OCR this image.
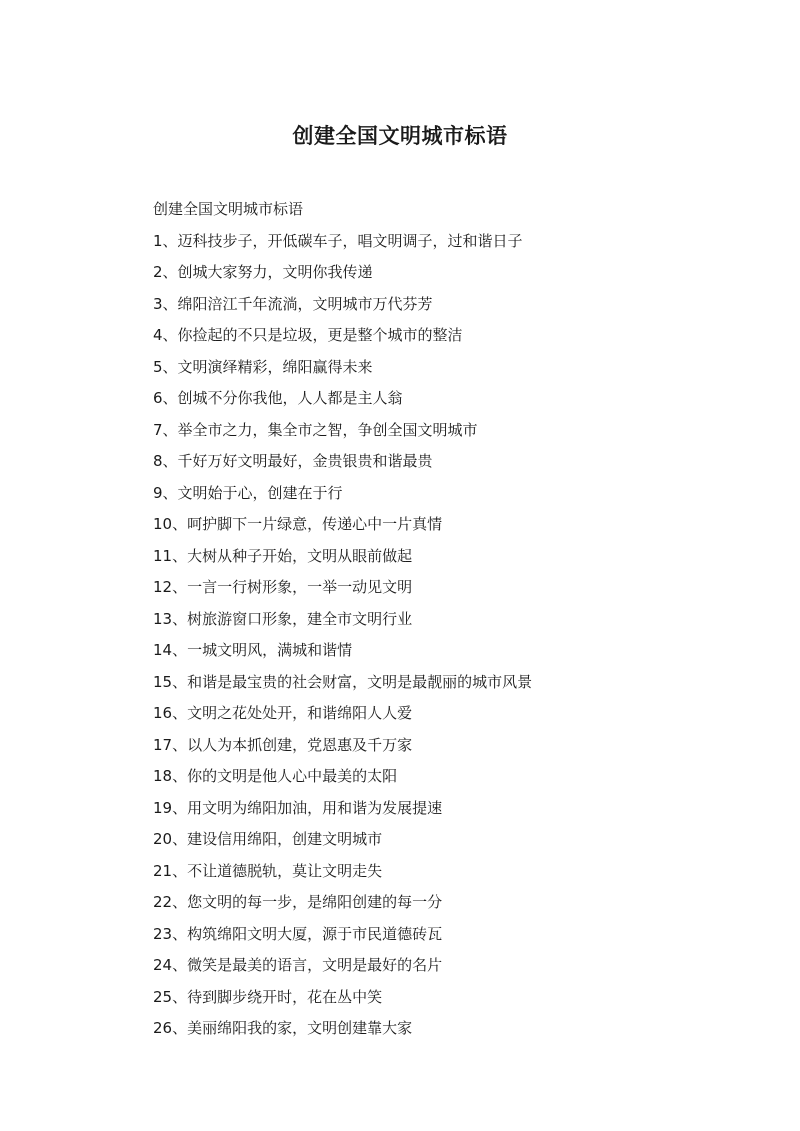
创建全国文明城市标语
创建全国文明城市标语
1、迈科技步子，开低碳车子，唱文明调子，过和谐日子
2、创城大家努力，文明你我传递
3、绵阳涪江千年流淌，文明城市万代芬芳
4、你捡起的不只是垃圾，更是整个城市的整洁
5、文明演绎精彩，绵阳赢得未来
6、创城不分你我他，人人都是主人翁
7、举全市之力，集全市之智，争创全国文明城市
8、千好万好文明最好，金贵银贵和谐最贵
9、文明始于心，创建在于行
10、呵护脚下一片绿意，传递心中一片真情
11、大树从种子开始，文明从眼前做起
12、一言一行树形象，一举一动见文明
13、树旅游窗口形象，建全市文明行业
14、一城文明风，满城和谐情
15、和谐是最宝贵的社会财富，文明是最靓丽的城市风景
16、文明之花处处开，和谐绵阳人人爱
17、以人为本抓创建，党恩惠及千万家
18、你的文明是他人心中最美的太阳
19、用文明为绵阳加油，用和谐为发展提速
20、建设信用绵阳，创建文明城市
21、不让道德脱轨，莫让文明走失
22、您文明的每一步，是绵阳创建的每一分
23、构筑绵阳文明大厦，源于市民道德砖瓦
24、微笑是最美的语言，文明是最好的名片
25、待到脚步绕开时，花在丛中笑
26、美丽绵阳我的家，文明创建靠大家
